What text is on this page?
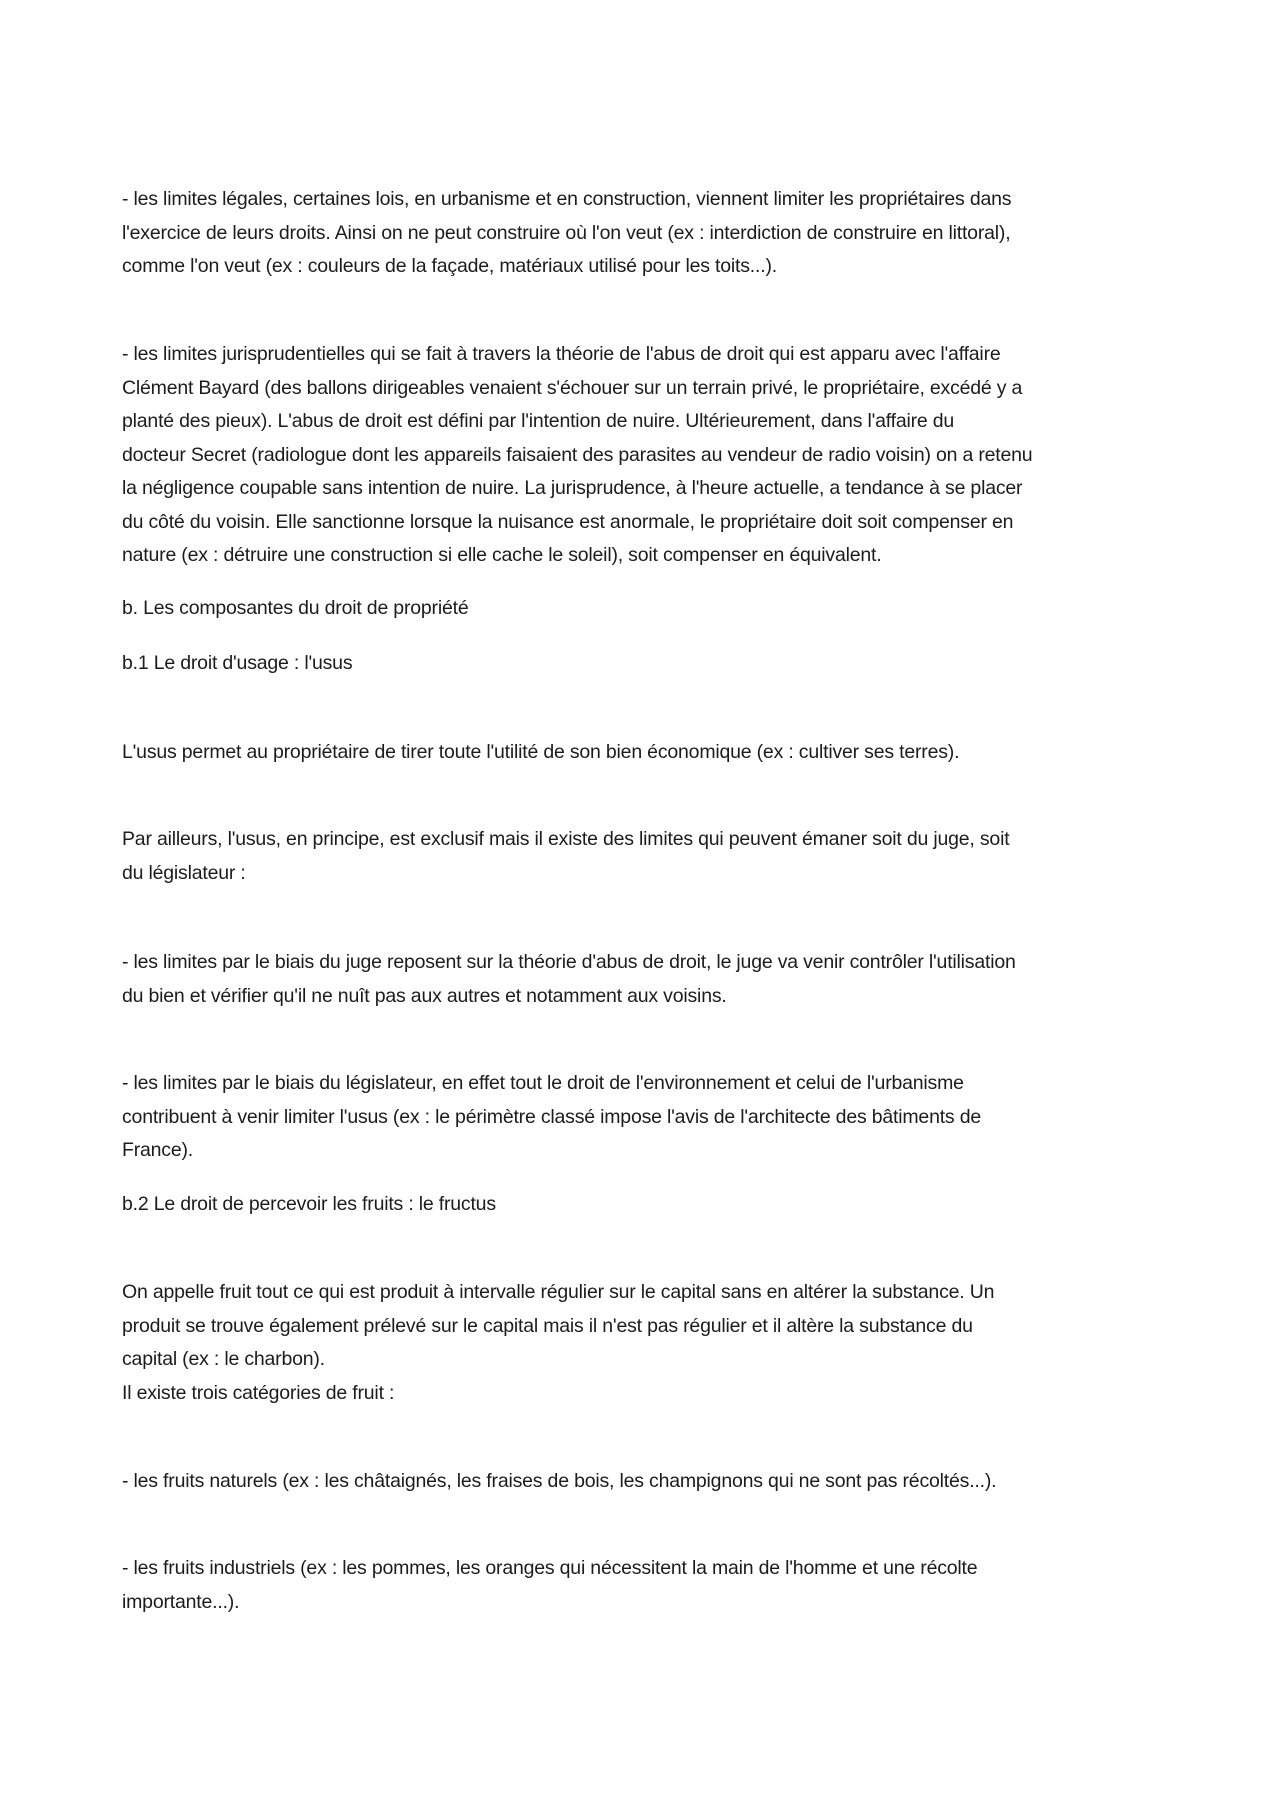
- les limites légales, certaines lois, en urbanisme et en construction, viennent limiter les propriétaires dans
l'exercice de leurs droits. Ainsi on ne peut construire où l'on veut (ex : interdiction de construire en littoral),
comme l'on veut (ex : couleurs de la façade, matériaux utilisé pour les toits...).

- les limites jurisprudentielles qui se fait à travers la théorie de l'abus de droit qui est apparu avec l'affaire
Clément Bayard (des ballons dirigeables venaient s'échouer sur un terrain privé, le propriétaire, excédé y a
planté des pieux). L'abus de droit est défini par l'intention de nuire. Ultérieurement, dans l'affaire du
docteur Secret (radiologue dont les appareils faisaient des parasites au vendeur de radio voisin) on a retenu
la négligence coupable sans intention de nuire. La jurisprudence, à l'heure actuelle, a tendance à se placer
du côté du voisin. Elle sanctionne lorsque la nuisance est anormale, le propriétaire doit soit compenser en
nature (ex : détruire une construction si elle cache le soleil), soit compenser en équivalent.

b. Les composantes du droit de propriété

b.1 Le droit d'usage : l'usus

L'usus permet au propriétaire de tirer toute l'utilité de son bien économique (ex : cultiver ses terres).

Par ailleurs, l'usus, en principe, est exclusif mais il existe des limites qui peuvent émaner soit du juge, soit
du législateur :

- les limites par le biais du juge reposent sur la théorie d'abus de droit, le juge va venir contrôler l'utilisation
du bien et vérifier qu'il ne nuît pas aux autres et notamment aux voisins.

- les limites par le biais du législateur, en effet tout le droit de l'environnement et celui de l'urbanisme
contribuent à venir limiter l'usus (ex : le périmètre classé impose l'avis de l'architecte des bâtiments de
France).

b.2 Le droit de percevoir les fruits : le fructus

On appelle fruit tout ce qui est produit à intervalle régulier sur le capital sans en altérer la substance. Un
produit se trouve également prélevé sur le capital mais il n'est pas régulier et il altère la substance du
capital (ex : le charbon).
Il existe trois catégories de fruit :

- les fruits naturels (ex : les châtaignés, les fraises de bois, les champignons qui ne sont pas récoltés...).

- les fruits industriels (ex : les pommes, les oranges qui nécessitent la main de l'homme et une récolte
importante...).
